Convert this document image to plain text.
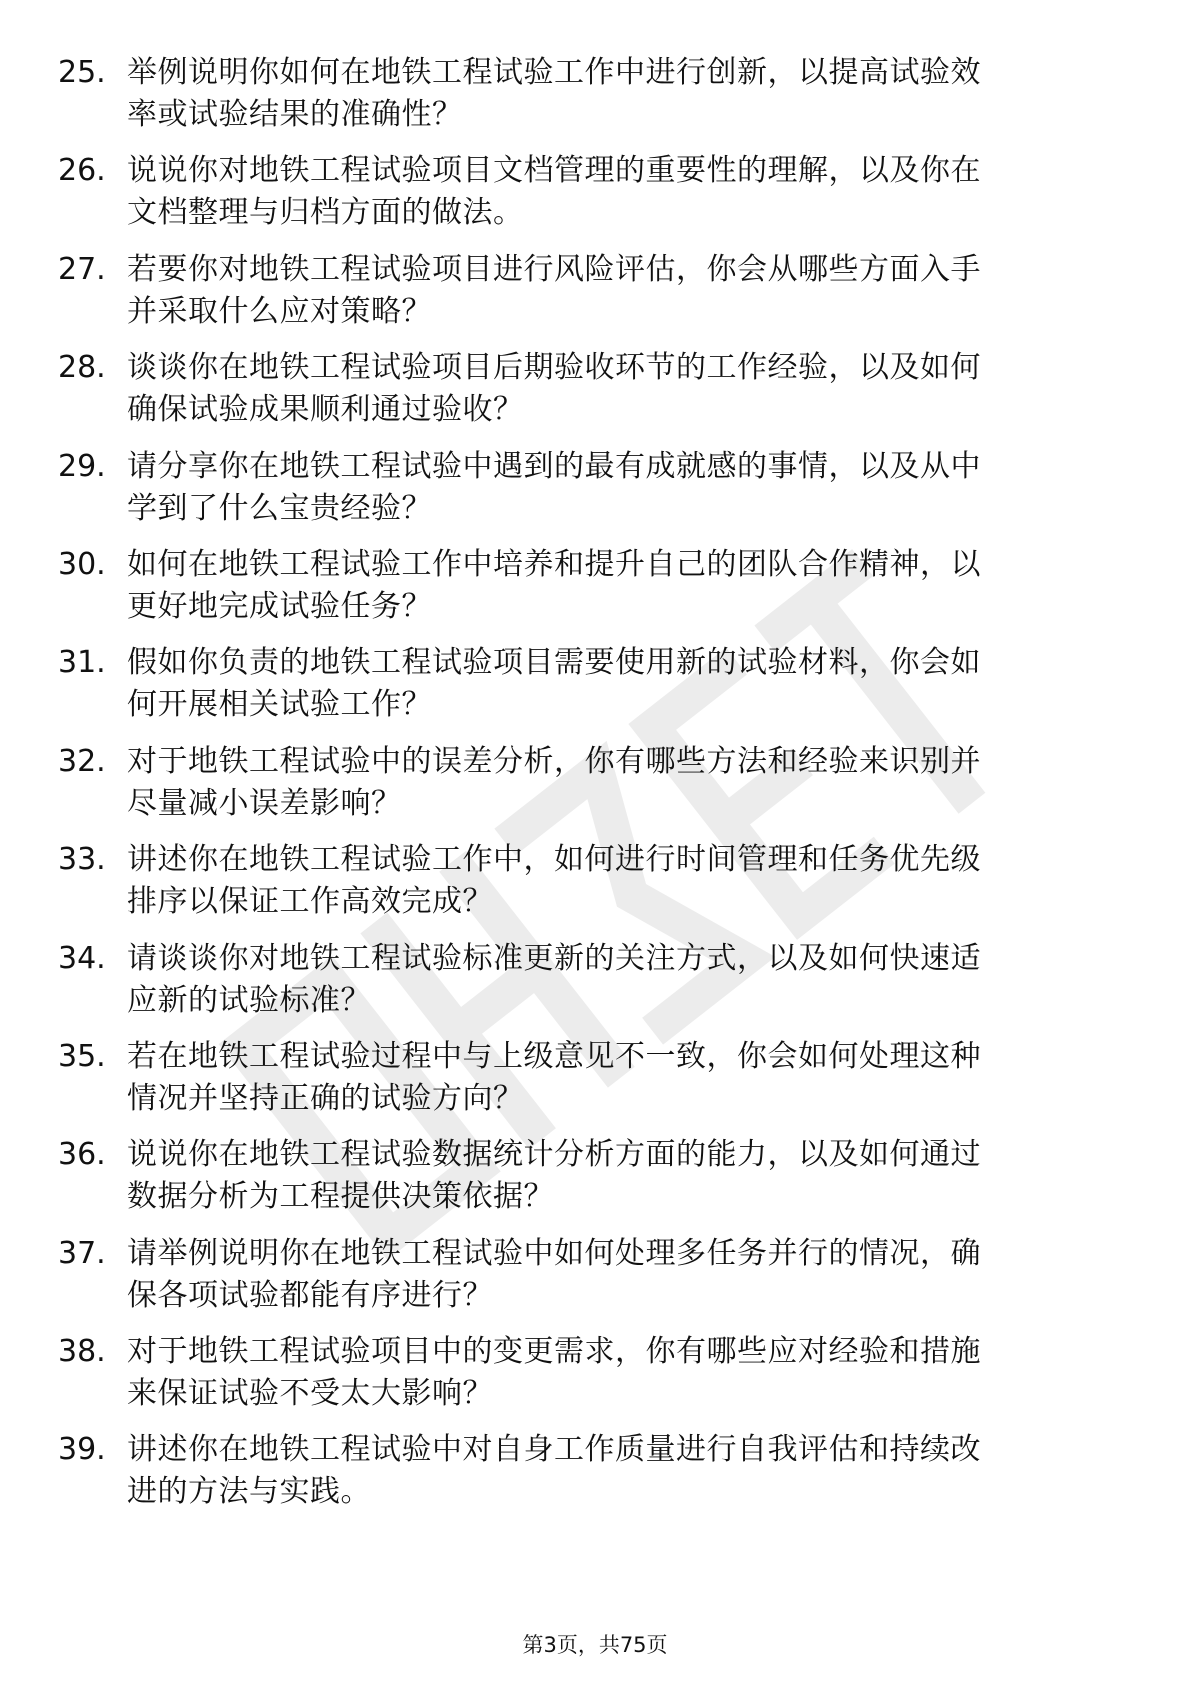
25. 举例说明你如何在地铁工程试验工作中进行创新，以提高试验效
率或试验结果的准确性？
26. 说说你对地铁工程试验项目文档管理的重要性的理解，以及你在
文档整理与归档方面的做法。
27. 若要你对地铁工程试验项目进行风险评估，你会从哪些方面入手
并采取什么应对策略？
28. 谈谈你在地铁工程试验项目后期验收环节的工作经验，以及如何
确保试验成果顺利通过验收？
29. 请分享你在地铁工程试验中遇到的最有成就感的事情，以及从中
学到了什么宝贵经验？
30. 如何在地铁工程试验工作中培养和提升自己的团队合作精神，以
更好地完成试验任务？
31. 假如你负责的地铁工程试验项目需要使用新的试验材料，你会如
何开展相关试验工作？
32. 对于地铁工程试验中的误差分析，你有哪些方法和经验来识别并
尽量减小误差影响？
33. 讲述你在地铁工程试验工作中，如何进行时间管理和任务优先级
排序以保证工作高效完成？
34. 请谈谈你对地铁工程试验标准更新的关注方式，以及如何快速适
应新的试验标准？
35. 若在地铁工程试验过程中与上级意见不一致，你会如何处理这种
情况并坚持正确的试验方向？
36. 说说你在地铁工程试验数据统计分析方面的能力，以及如何通过
数据分析为工程提供决策依据？
37. 请举例说明你在地铁工程试验中如何处理多任务并行的情况，确
保各项试验都能有序进行？
38. 对于地铁工程试验项目中的变更需求，你有哪些应对经验和措施
来保证试验不受太大影响？
39. 讲述你在地铁工程试验中对自身工作质量进行自我评估和持续改
进的方法与实践。
第3页，共75页
